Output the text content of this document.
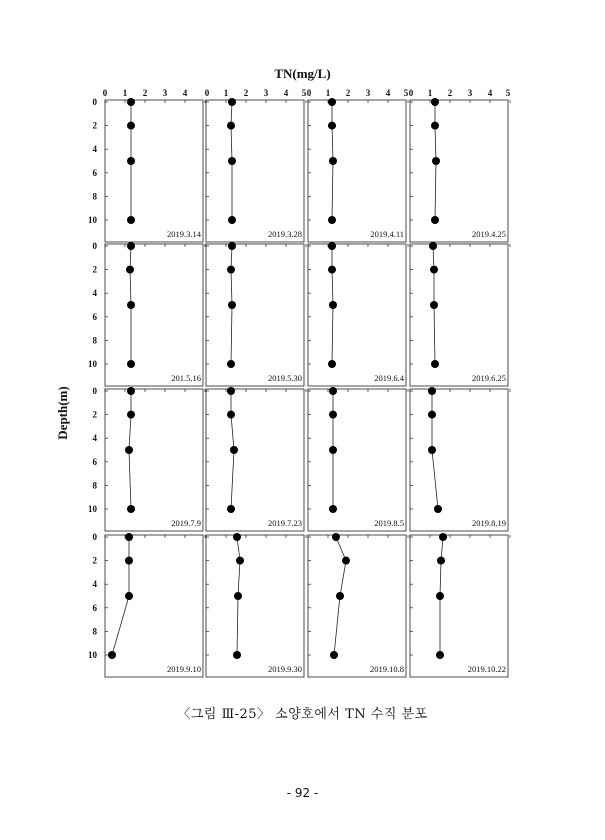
TN(mg/L)
Depth(m)
0 1 2 3 4 0 1 2 3 4 5 0 1 2 3 4 5 0 1 2 3 4 5
0
2
4
6
8
10
2019.3.14	2019.3.28	2019.4.11	2019.4.25
0
2
4
6
8
10
201.5.16	2019.5.30	2019.6.4	2019.6.25
0
2
4
6
8
10
2019.7.9	2019.7.23	2019.8.5	2019.8.19
0
2
4
6
8
10
2019.9.10	2019.9.30	2019.10.8	2019.10.22
〈그림 Ⅲ-25〉 소양호에서 TN 수직 분포
- 92 -
